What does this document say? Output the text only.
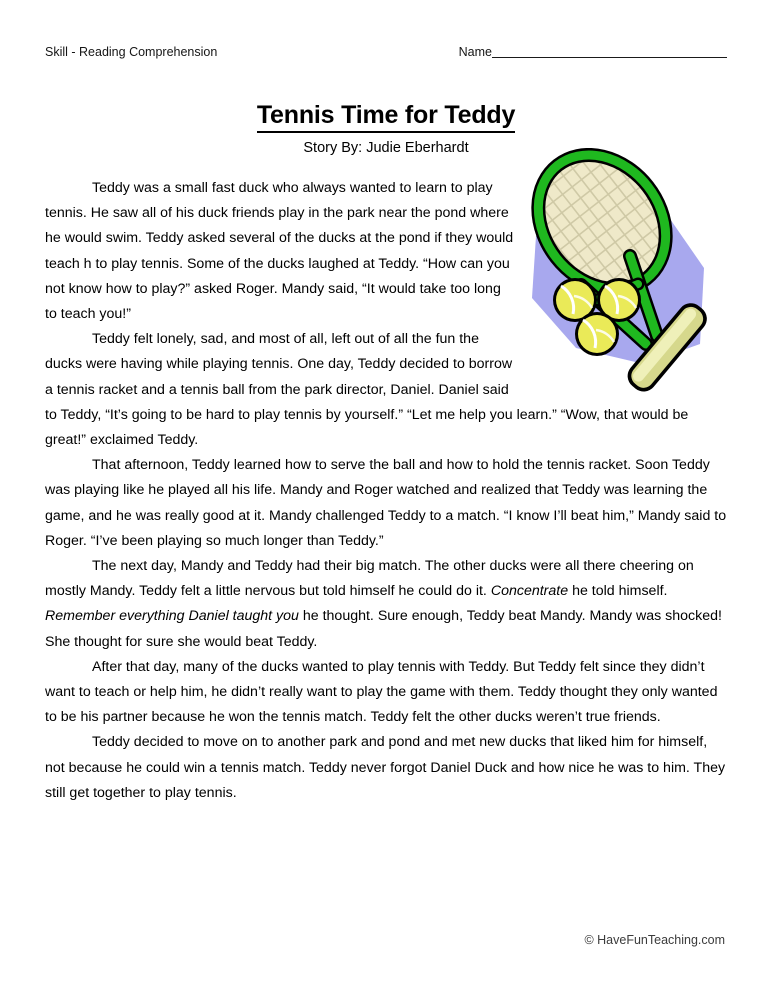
Skill - Reading Comprehension	Name
Tennis Time for Teddy
Story By: Judie Eberhardt

Teddy was a small fast duck who always wanted to learn to play tennis. He saw all of his duck friends play in the park near the pond where he would swim. Teddy asked several of the ducks at the pond if they would teach h to play tennis. Some of the ducks laughed at Teddy. “How can you not know how to play?” asked Roger. Mandy said, “It would take too long to teach you!”

Teddy felt lonely, sad, and most of all, left out of all the fun the ducks were having while playing tennis. One day, Teddy decided to borrow a tennis racket and a tennis ball from the park director, Daniel. Daniel said to Teddy, “It’s going to be hard to play tennis by yourself.” “Let me help you learn.” “Wow, that would be great!” exclaimed Teddy.

That afternoon, Teddy learned how to serve the ball and how to hold the tennis racket. Soon Teddy was playing like he played all his life. Mandy and Roger watched and realized that Teddy was learning the game, and he was really good at it. Mandy challenged Teddy to a match. “I know I’ll beat him,” Mandy said to Roger. “I’ve been playing so much longer than Teddy.”

The next day, Mandy and Teddy had their big match. The other ducks were all there cheering on mostly Mandy. Teddy felt a little nervous but told himself he could do it. Concentrate he told himself. Remember everything Daniel taught you he thought. Sure enough, Teddy beat Mandy. Mandy was shocked! She thought for sure she would beat Teddy.

After that day, many of the ducks wanted to play tennis with Teddy. But Teddy felt since they didn’t want to teach or help him, he didn’t really want to play the game with them. Teddy thought they only wanted to be his partner because he won the tennis match. Teddy felt the other ducks weren’t true friends.

Teddy decided to move on to another park and pond and met new ducks that liked him for himself, not because he could win a tennis match. Teddy never forgot Daniel Duck and how nice he was to him. They still get together to play tennis.

© HaveFunTeaching.com
